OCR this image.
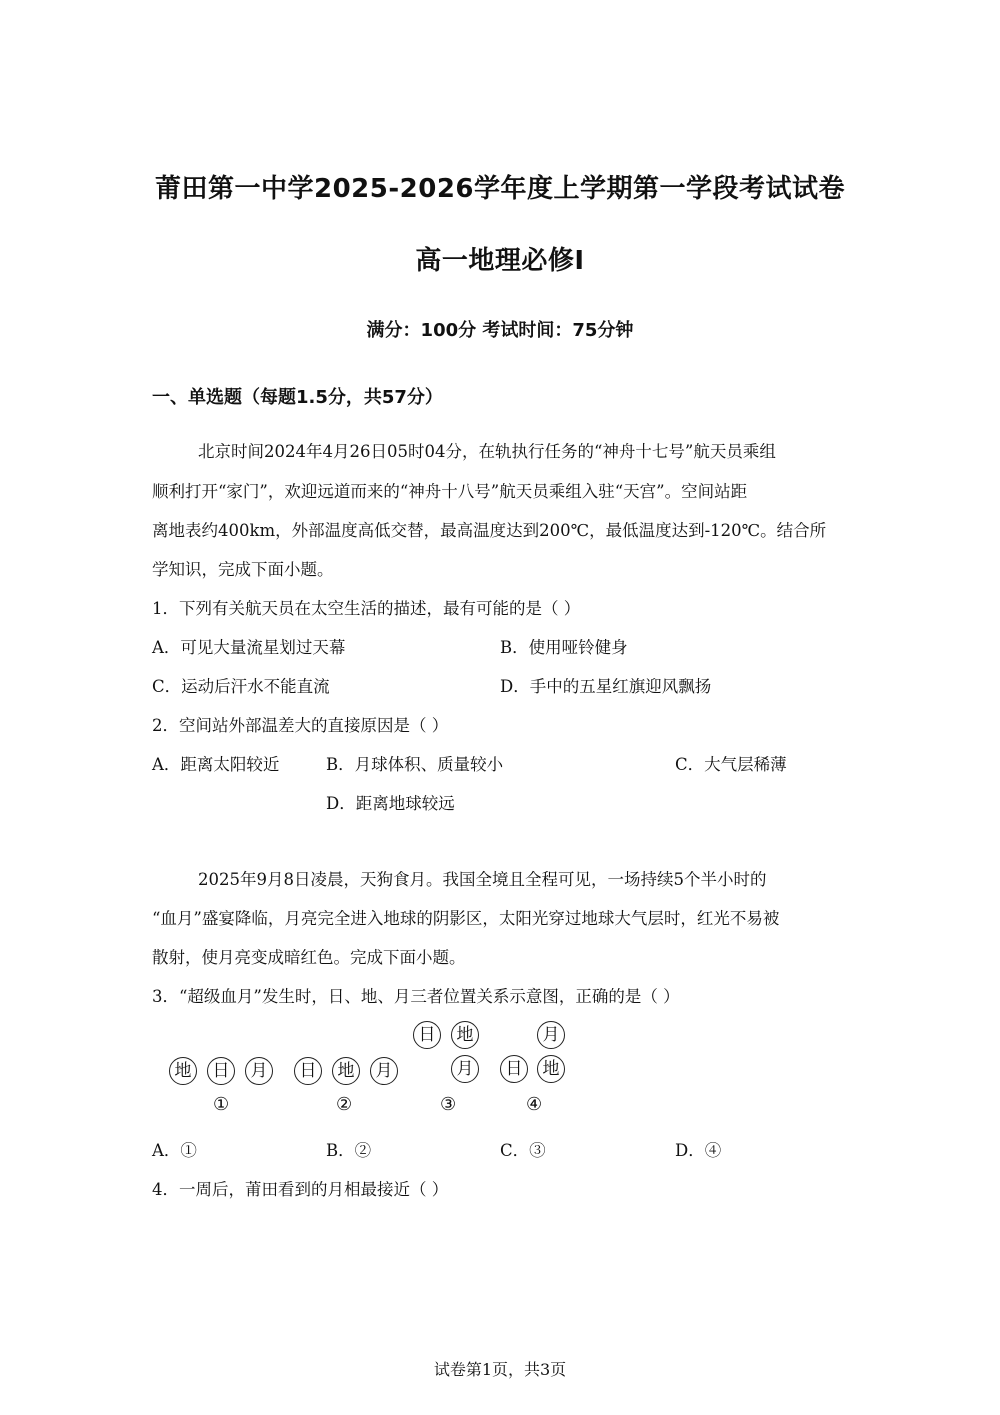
莆田第一中学2025-2026学年度上学期第一学段考试试卷
高一地理必修Ⅰ
满分：100分 考试时间：75分钟
一、单选题（每题1.5分，共57分）
北京时间2024年4月26日05时04分，在轨执行任务的“神舟十七号”航天员乘组
顺利打开“家门”，欢迎远道而来的“神舟十八号”航天员乘组入驻“天宫”。空间站距
离地表约400km，外部温度高低交替，最高温度达到200℃，最低温度达到-120℃。结合所
学知识，完成下面小题。
1．下列有关航天员在太空生活的描述，最有可能的是（ ）
A．可见大量流星划过天幕	B．使用哑铃健身
C．运动后汗水不能直流	D．手中的五星红旗迎风飘扬
2．空间站外部温差大的直接原因是（ ）
A．距离太阳较近	B．月球体积、质量较小	C．大气层稀薄
D．距离地球较远
2025年9月8日凌晨，天狗食月。我国全境且全程可见，一场持续5个半小时的
“血月”盛宴降临，月亮完全进入地球的阴影区，太阳光穿过地球大气层时，红光不易被
散射，使月亮变成暗红色。完成下面小题。
3．“超级血月”发生时，日、地、月三者位置关系示意图，正确的是（ ）
地	日	月
①
日	地	月
②
日	地
月
③
月
日	地
④
A．①	B．②	C．③	D．④
4．一周后，莆田看到的月相最接近（ ）
试卷第1页，共3页
